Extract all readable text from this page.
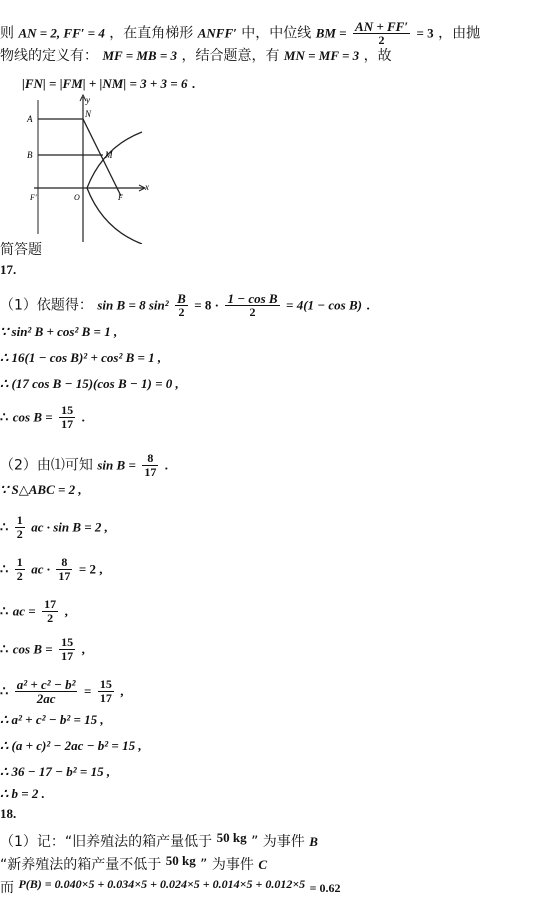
则 AN = 2, FF′ = 4 ，在直角梯形 ANFF′ 中，中位线 BM = $\frac{AN + FF'}{2} = 3$ ，由抛
物线的定义有： MF = MB = 3 ，结合题意，有 MN = MF = 3 ，故
|FN| = |FM| + |NM| = 3 + 3 = 6 .
A	N
y
B	M
x
F′	O	F
简答题
17.
（1）依题得： sin B = 8 $\sin^2 \frac{B}{2} = 8 \cdot \frac{\text{1 − cos B}}{2} = 4(1 - \cos B)$ .
∵ sin² B + cos² B = 1 ,
∴ 16(1 − cos B)² + cos² B = 1 ,
∴ (17 cos B − 15)(cos B − 1) = 0 ,
∴ $\cos B = \frac{15}{17}$ .
（2）由⑴可知 $\sin B = \frac{8}{17}$ .
∵ S△ABC = 2 ,
∴ $\frac{1}{2}$ ac · sin B = 2 ,
∴ $\frac{1}{2}$ ac · $\frac{8}{17} = 2$ ,
∴ ac = $\frac{17}{2}$ ,
∴ $\cos B = \frac{15}{17}$ ,
∴ $\frac{\text{a² + c² − b²}}{2ac} = \frac{15}{17}$ ,
∴ a² + c² − b² = 15 ,
∴ (a + c)² − 2ac − b² = 15 ,
∴ 36 − 17 − b² = 15 ,
∴ b = 2 .
18.
（1）记：“旧养殖法的箱产量低于 50 kg ” 为事件 B
“新养殖法的箱产量不低于 50 kg ” 为事件 C
而 P(B) = 0.040×5 + 0.034×5 + 0.024×5 + 0.014×5 + 0.012×5 = 0.62
